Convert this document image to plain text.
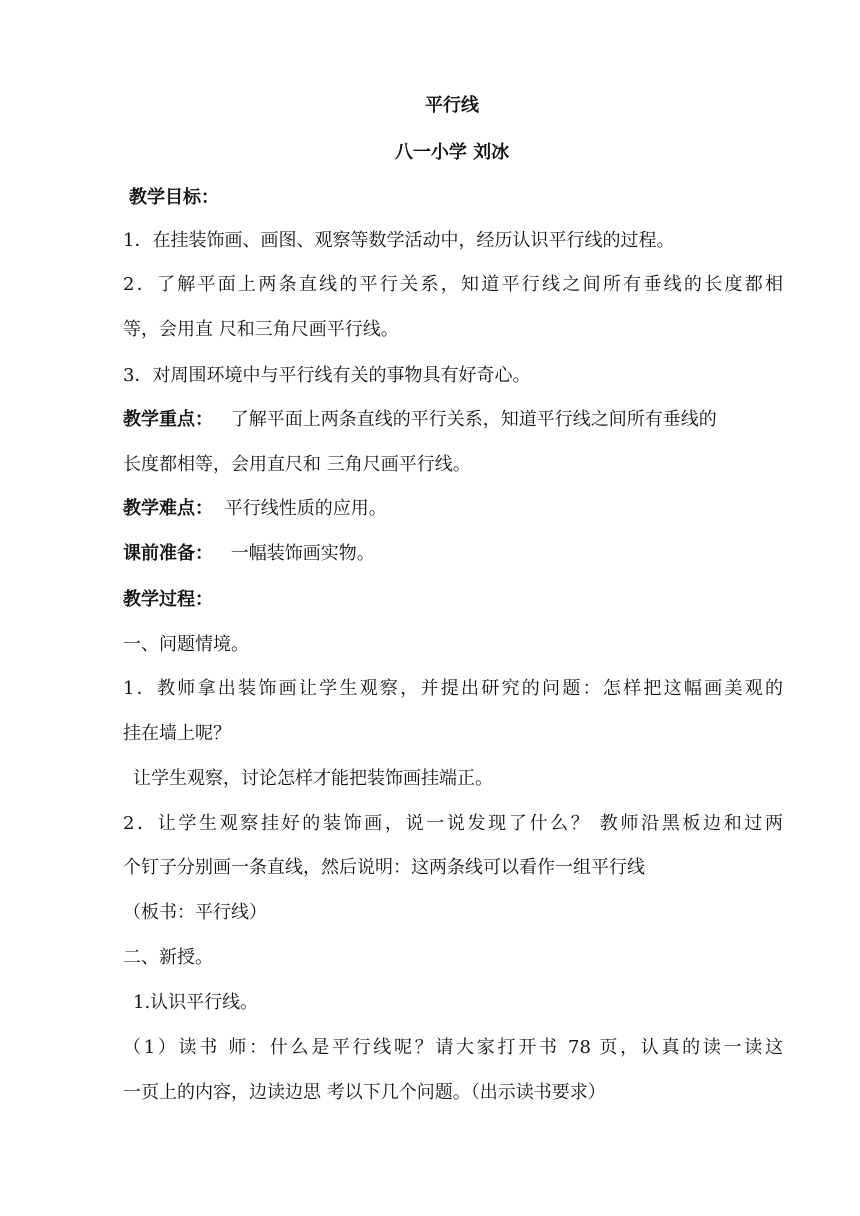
平行线
八一小学 刘冰
教学目标：
1．在挂装饰画、画图、观察等数学活动中，经历认识平行线的过程。
2．了解平面上两条直线的平行关系，知道平行线之间所有垂线的长度都相
等，会用直 尺和三角尺画平行线。
3．对周围环境中与平行线有关的事物具有好奇心。
教学重点： 了解平面上两条直线的平行关系，知道平行线之间所有垂线的
长度都相等，会用直尺和 三角尺画平行线。
教学难点： 平行线性质的应用。
课前准备： 一幅装饰画实物。
教学过程：
一、问题情境。
1．教师拿出装饰画让学生观察，并提出研究的问题：怎样把这幅画美观的
挂在墙上呢？
让学生观察，讨论怎样才能把装饰画挂端正。
2．让学生观察挂好的装饰画，说一说发现了什么？ 教师沿黑板边和过两
个钉子分别画一条直线，然后说明：这两条线可以看作一组平行线
（板书：平行线）
二、新授。
1.认识平行线。
（1）读书 师：什么是平行线呢？请大家打开书 78 页，认真的读一读这
一页上的内容，边读边思 考以下几个问题。（出示读书要求）
